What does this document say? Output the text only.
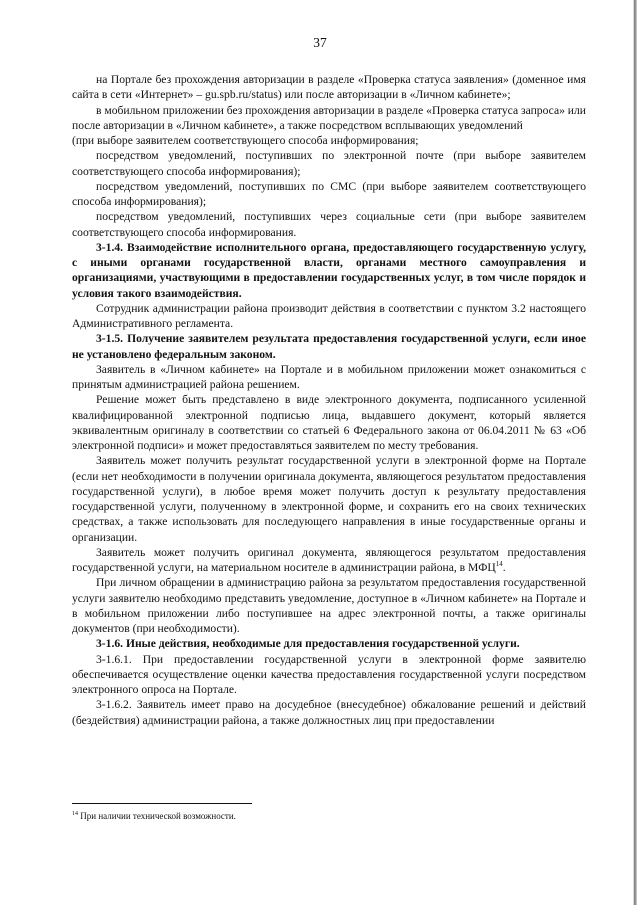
37

на Портале без прохождения авторизации в разделе «Проверка статуса заявления» (доменное имя сайта в сети «Интернет» – gu.spb.ru/status) или после авторизации в «Личном кабинете»;

в мобильном приложении без прохождения авторизации в разделе «Проверка статуса запроса» или после авторизации в «Личном кабинете», а также посредством всплывающих уведомлений

(при выборе заявителем соответствующего способа информирования;

посредством уведомлений, поступивших по электронной почте (при выборе заявителем соответствующего способа информирования);

посредством уведомлений, поступивших по СМС (при выборе заявителем соответствующего способа информирования);

посредством уведомлений, поступивших через социальные сети (при выборе заявителем соответствующего способа информирования.

3-1.4. Взаимодействие исполнительного органа, предоставляющего государственную услугу, с иными органами государственной власти, органами местного самоуправления и организациями, участвующими в предоставлении государственных услуг, в том числе порядок и условия такого взаимодействия.

Сотрудник администрации района производит действия в соответствии с пунктом 3.2 настоящего Административного регламента.

3-1.5. Получение заявителем результата предоставления государственной услуги, если иное не установлено федеральным законом.

Заявитель в «Личном кабинете» на Портале и в мобильном приложении может ознакомиться с принятым администрацией района решением.

Решение может быть представлено в виде электронного документа, подписанного усиленной квалифицированной электронной подписью лица, выдавшего документ, который является эквивалентным оригиналу в соответствии со статьей 6 Федерального закона от 06.04.2011 № 63 «Об электронной подписи» и может предоставляться заявителем по месту требования.

Заявитель может получить результат государственной услуги в электронной форме на Портале (если нет необходимости в получении оригинала документа, являющегося результатом предоставления государственной услуги), в любое время может получить доступ к результату предоставления государственной услуги, полученному в электронной форме, и сохранить его на своих технических средствах, а также использовать для последующего направления в иные государственные органы и организации.

Заявитель может получить оригинал документа, являющегося результатом предоставления государственной услуги, на материальном носителе в администрации района, в МФЦ$^{14}$.

При личном обращении в администрацию района за результатом предоставления государственной услуги заявителю необходимо представить уведомление, доступное в «Личном кабинете» на Портале и в мобильном приложении либо поступившее на адрес электронной почты, а также оригиналы документов (при необходимости).

3-1.6. Иные действия, необходимые для предоставления государственной услуги.

3-1.6.1. При предоставлении государственной услуги в электронной форме заявителю обеспечивается осуществление оценки качества предоставления государственной услуги посредством электронного опроса на Портале.

3-1.6.2. Заявитель имеет право на досудебное (внесудебное) обжалование решений и действий (бездействия) администрации района, а также должностных лиц при предоставлении

$^{14}$ При наличии технической возможности.
